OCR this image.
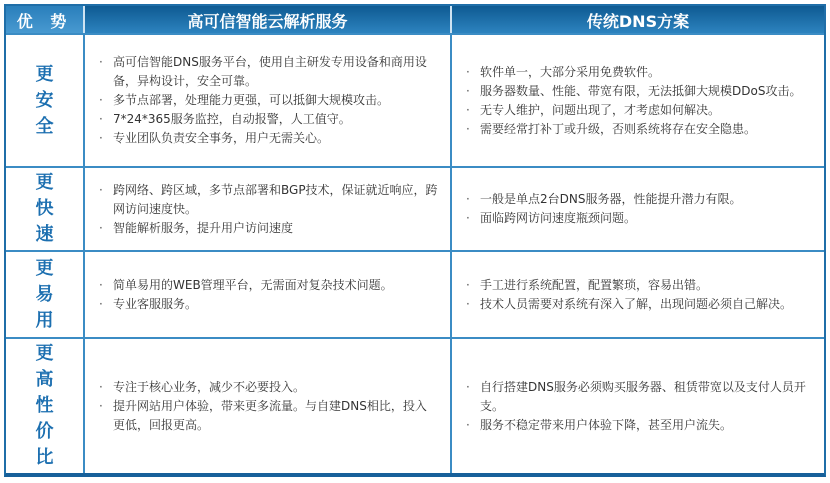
优 势	高可信智能云解析服务	传统DNS方案
更
安
全
· 高可信智能DNS服务平台，使用自主研发专用设备和商用设备，异构设计，安全可靠。
· 多节点部署，处理能力更强，可以抵御大规模攻击。
· 7*24*365服务监控，自动报警，人工值守。
· 专业团队负责安全事务，用户无需关心。
· 软件单一，大部分采用免费软件。
· 服务器数量、性能、带宽有限，无法抵御大规模DDoS攻击。
· 无专人维护，问题出现了，才考虑如何解决。
· 需要经常打补丁或升级，否则系统将存在安全隐患。
更
快
速
· 跨网络、跨区域，多节点部署和BGP技术，保证就近响应，跨网访问速度快。
· 智能解析服务，提升用户访问速度
· 一般是单点2台DNS服务器，性能提升潜力有限。
· 面临跨网访问速度瓶颈问题。
更
易
用
· 简单易用的WEB管理平台，无需面对复杂技术问题。
· 专业客服服务。
· 手工进行系统配置，配置繁琐，容易出错。
· 技术人员需要对系统有深入了解，出现问题必须自己解决。
更
高
性
价
比
· 专注于核心业务，减少不必要投入。
· 提升网站用户体验，带来更多流量。与自建DNS相比，投入更低，回报更高。
· 自行搭建DNS服务必须购买服务器、租赁带宽以及支付人员开支。
· 服务不稳定带来用户体验下降，甚至用户流失。
